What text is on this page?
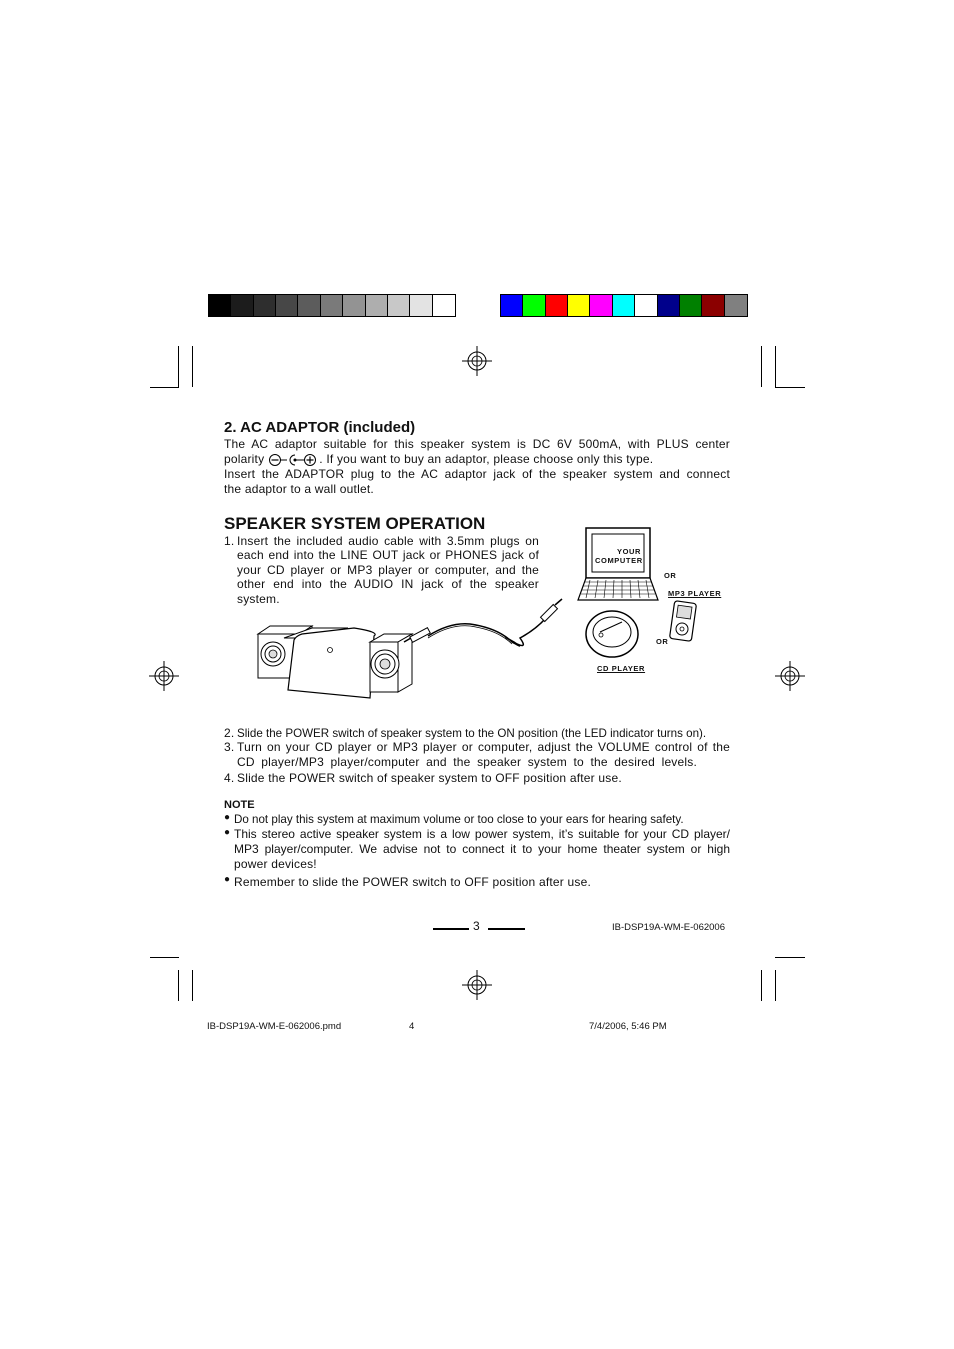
2. AC ADAPTOR (included)
The AC adaptor suitable for this speaker system is DC 6V 500mA, with PLUS center
polarity	. If you want to buy an adaptor, please choose only this type.
Insert the ADAPTOR plug to the AC adaptor jack of the speaker system and connect
the adaptor to a wall outlet.
SPEAKER SYSTEM OPERATION
1. Insert the included audio cable with 3.5mm plugs on
each end into the LINE OUT jack or PHONES jack of
your CD player or MP3 player or computer, and the
other end into the AUDIO IN jack of the speaker
system.
YOUR
COMPUTER
OR
MP3 PLAYER
OR
CD PLAYER
2. Slide the POWER switch of speaker system to the ON position (the LED indicator turns on).
3. Turn on your CD player or MP3 player or computer, adjust the VOLUME control of the
CD player/MP3 player/computer and the speaker system to the desired levels.
4. Slide the POWER switch of speaker system to OFF position after use.
NOTE
● Do not play this system at maximum volume or too close to your ears for hearing safety.
● This stereo active speaker system is a low power system, it’s suitable for your CD player/
MP3 player/computer. We advise not to connect it to your home theater system or high
power devices!
● Remember to slide the POWER switch to OFF position after use.
3	IB-DSP19A-WM-E-062006
IB-DSP19A-WM-E-062006.pmd	4	7/4/2006, 5:46 PM
